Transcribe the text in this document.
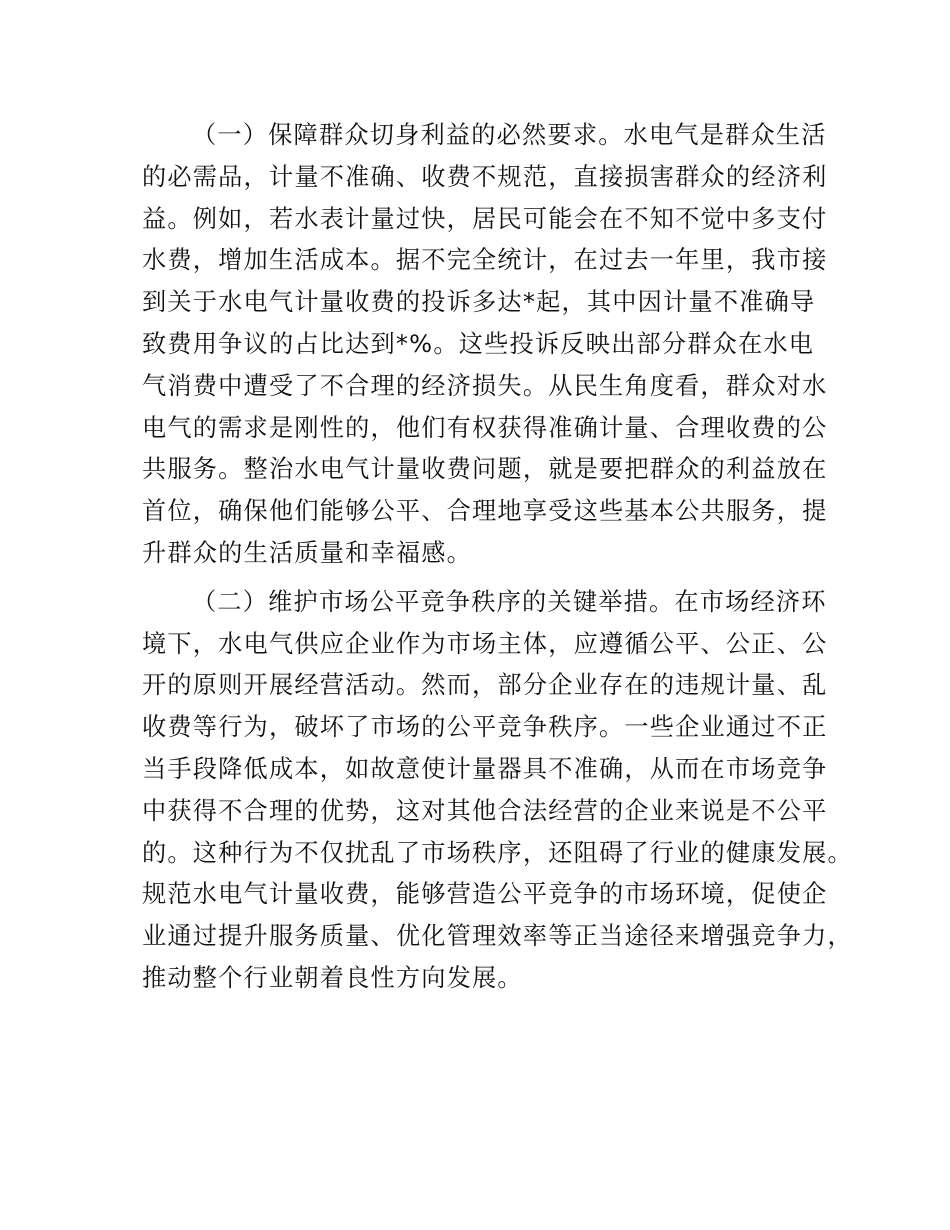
（一）保障群众切身利益的必然要求。水电气是群众生活
的必需品，计量不准确、收费不规范，直接损害群众的经济利
益。例如，若水表计量过快，居民可能会在不知不觉中多支付
水费，增加生活成本。据不完全统计，在过去一年里，我市接
到关于水电气计量收费的投诉多达*起，其中因计量不准确导
致费用争议的占比达到*%。这些投诉反映出部分群众在水电
气消费中遭受了不合理的经济损失。从民生角度看，群众对水
电气的需求是刚性的，他们有权获得准确计量、合理收费的公
共服务。整治水电气计量收费问题，就是要把群众的利益放在
首位，确保他们能够公平、合理地享受这些基本公共服务，提
升群众的生活质量和幸福感。

（二）维护市场公平竞争秩序的关键举措。在市场经济环
境下，水电气供应企业作为市场主体，应遵循公平、公正、公
开的原则开展经营活动。然而，部分企业存在的违规计量、乱
收费等行为，破坏了市场的公平竞争秩序。一些企业通过不正
当手段降低成本，如故意使计量器具不准确，从而在市场竞争
中获得不合理的优势，这对其他合法经营的企业来说是不公平
的。这种行为不仅扰乱了市场秩序，还阻碍了行业的健康发展。
规范水电气计量收费，能够营造公平竞争的市场环境，促使企
业通过提升服务质量、优化管理效率等正当途径来增强竞争力，
推动整个行业朝着良性方向发展。
